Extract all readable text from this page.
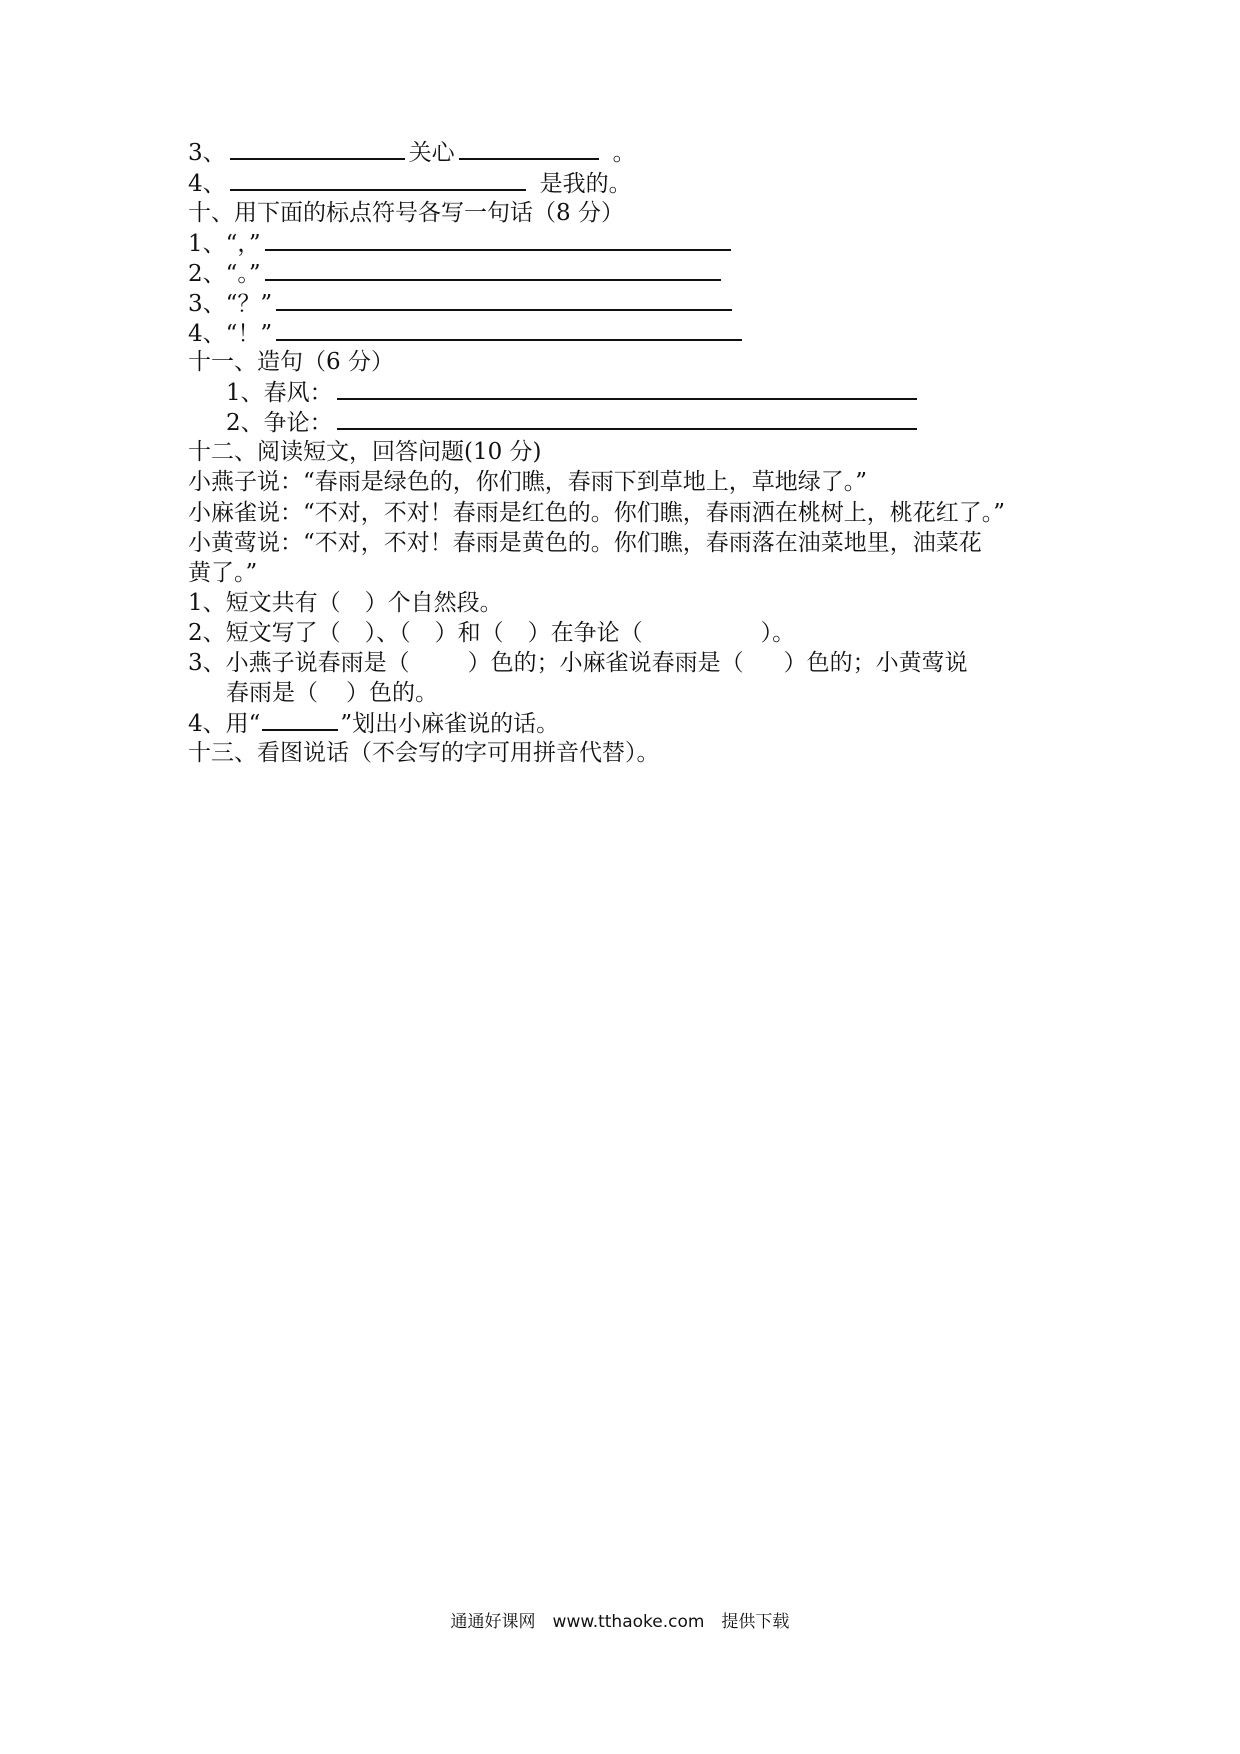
3、	关心	。
4、	是我的。
十、用下面的标点符号各写一句话（8 分）
1、“，”
2、“。”
3、“？”
4、“！”
十一、造句（6 分）
1、春风：
2、争论：
十二、阅读短文，回答问题(10 分)
小燕子说：“春雨是绿色的，你们瞧，春雨下到草地上，草地绿了。”
小麻雀说：“不对，不对！春雨是红色的。你们瞧，春雨洒在桃树上，桃花红了。”
小黄莺说：“不对，不对！春雨是黄色的。你们瞧，春雨落在油菜地里，油菜花
黄了。”
1、短文共有（ ）个自然段。
2、短文写了（ ）、（ ）和（ ）在争论（	）。
3、小燕子说春雨是（	）色的；小麻雀说春雨是（ ）色的；小黄莺说
春雨是（ ）色的。
4、用“	”划出小麻雀说的话。
十三、看图说话（不会写的字可用拼音代替）。
通通好课网　www.tthaoke.com　提供下载
